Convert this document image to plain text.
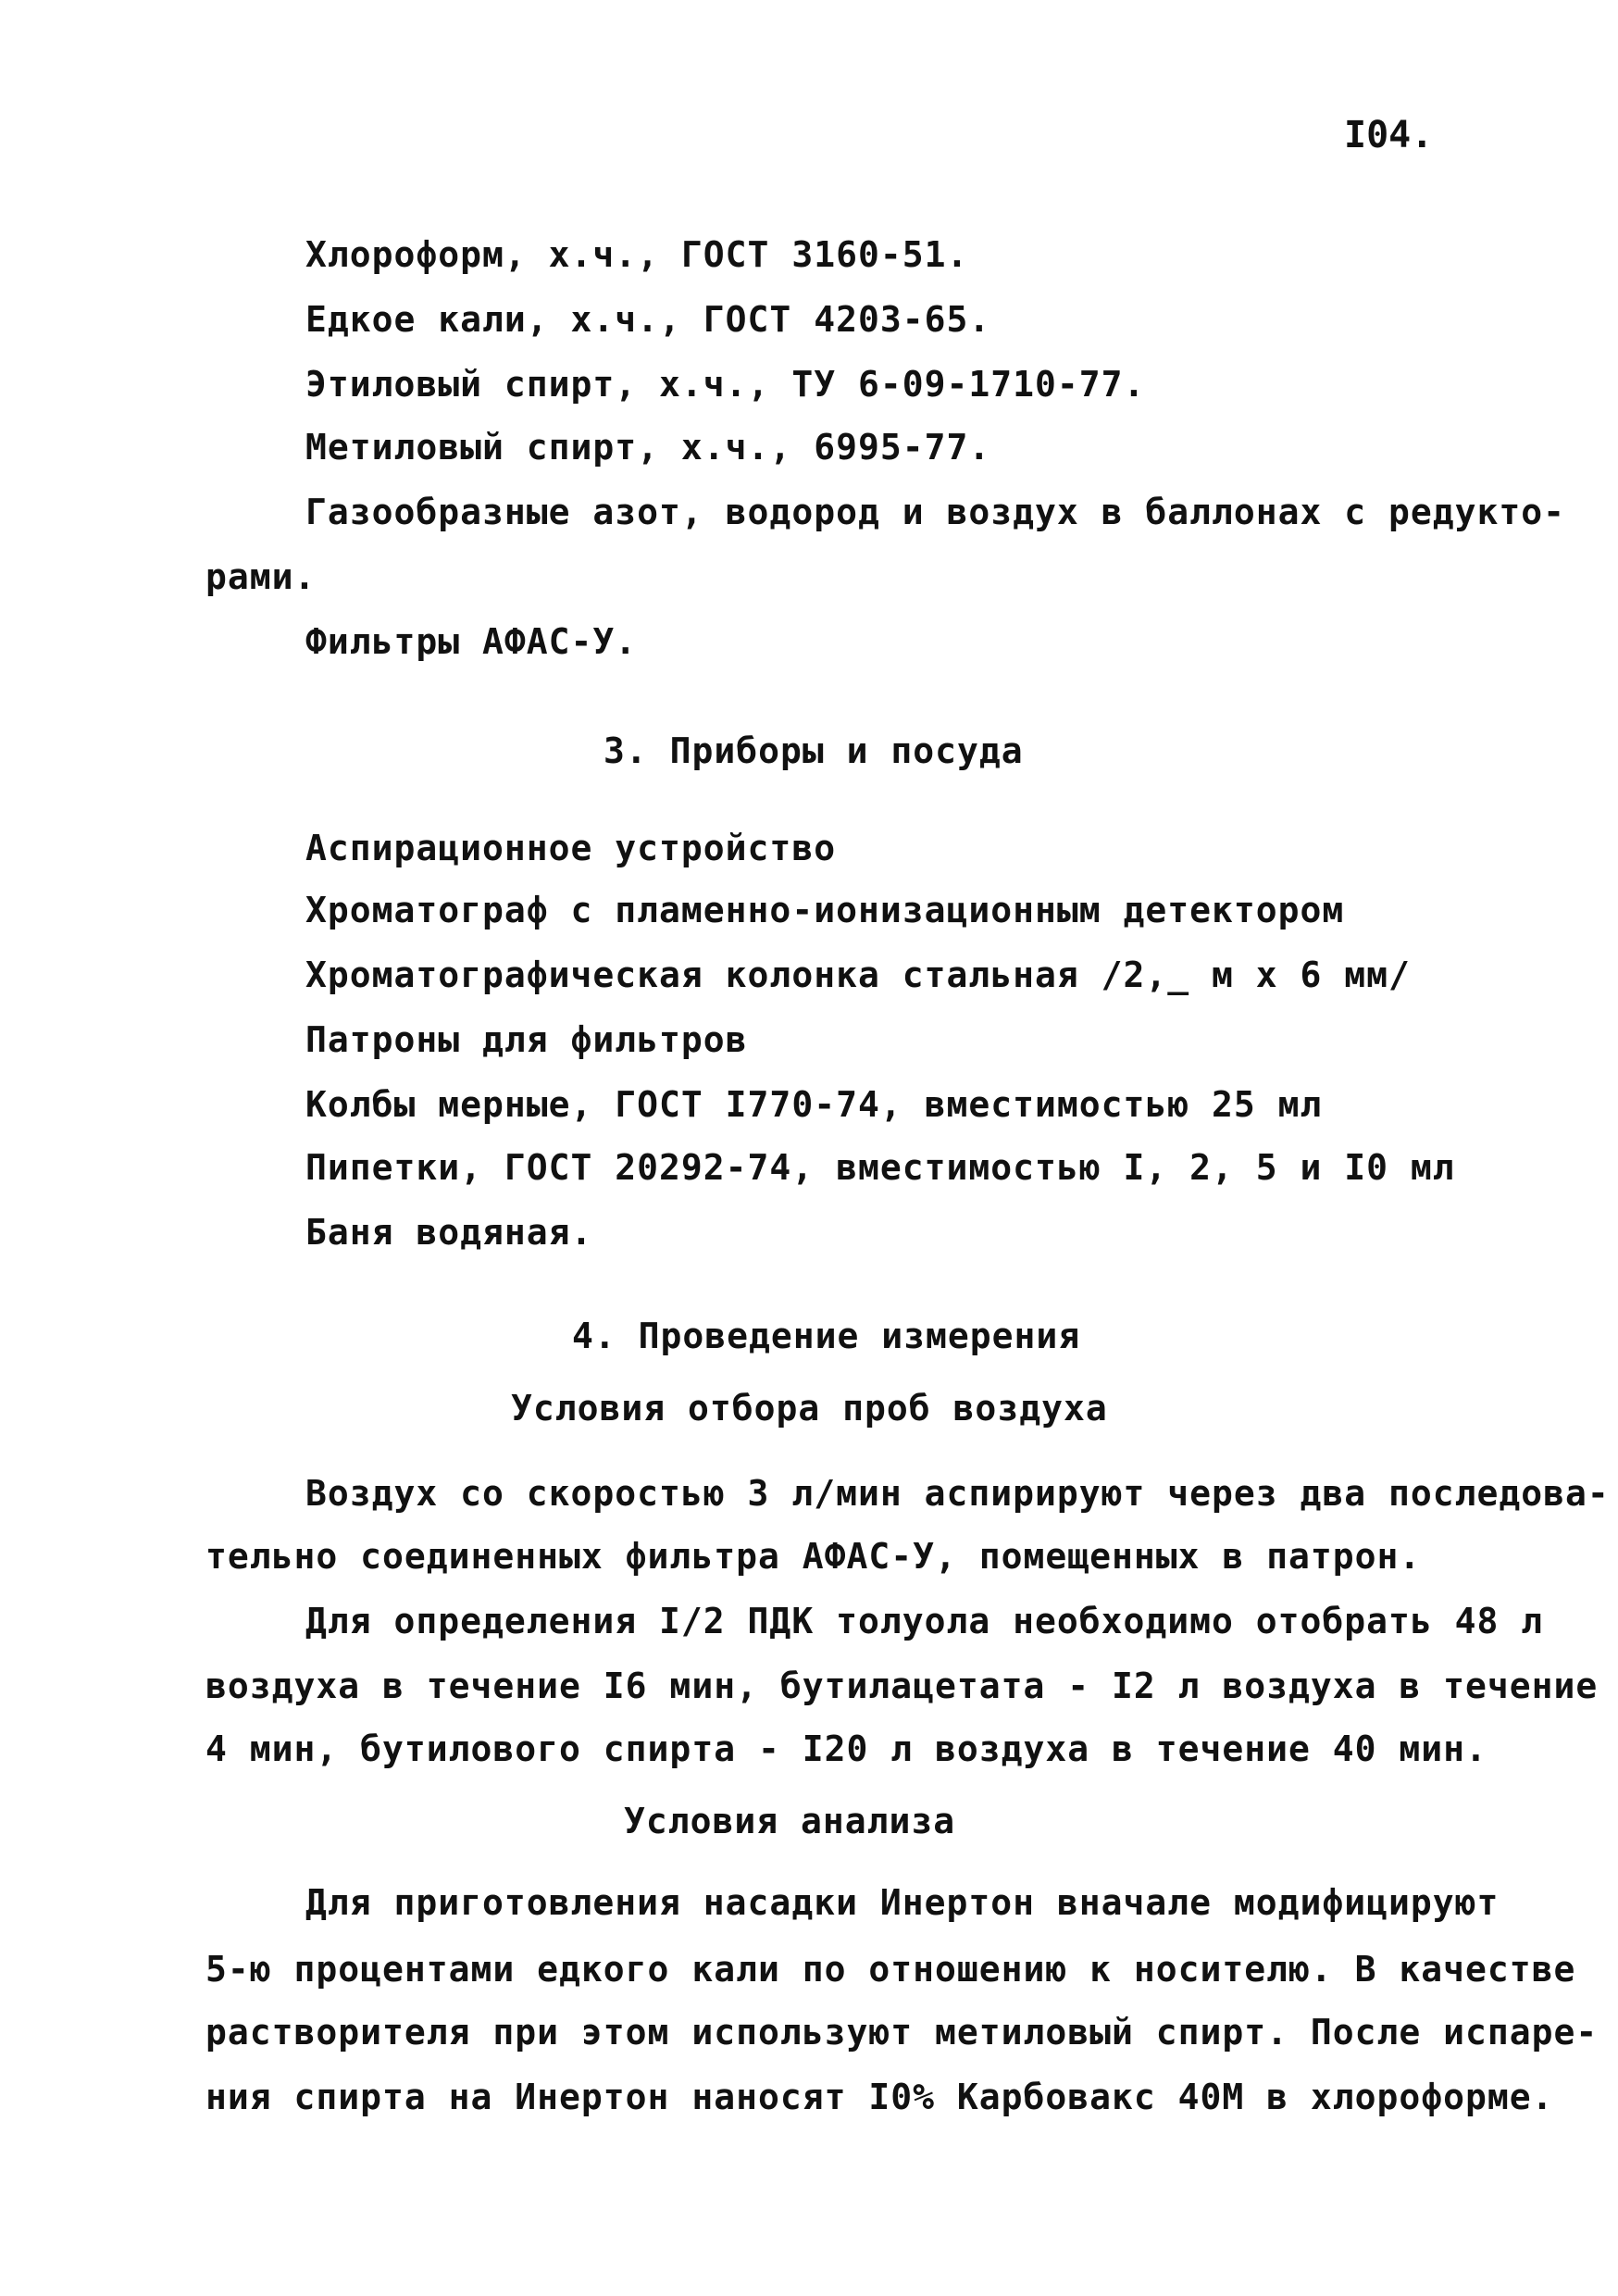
I04.
Хлороформ, х.ч., ГОСТ 3160-51.
Едкое кали, х.ч., ГОСТ 4203-65.
Этиловый спирт, х.ч., ТУ 6-09-1710-77.
Метиловый спирт, х.ч., 6995-77.
Газообразные азот, водород и воздух в баллонах с редукто-
рами.
Фильтры АФАС-У.
3. Приборы и посуда
Аспирационное устройство
Хроматограф с пламенно-ионизационным детектором
Хроматографическая колонка стальная /2,_ м х 6 мм/
Патроны для фильтров
Колбы мерные, ГОСТ I770-74, вместимостью 25 мл
Пипетки, ГОСТ 20292-74, вместимостью I, 2, 5 и I0 мл
Баня водяная.
4. Проведение измерения
Условия отбора проб воздуха
Воздух со скоростью 3 л/мин аспирируют через два последова-
тельно соединенных фильтра АФАС-У, помещенных в патрон.
Для определения I/2 ПДК толуола необходимо отобрать 48 л
воздуха в течение I6 мин, бутилацетата - I2 л воздуха в течение
4 мин, бутилового спирта - I20 л воздуха в течение 40 мин.
Условия анализа
Для приготовления насадки Инертон вначале модифицируют
5-ю процентами едкого кали по отношению к носителю. В качестве
растворителя при этом используют метиловый спирт. После испаре-
ния спирта на Инертон наносят I0% Карбовакс 40М в хлороформе.
